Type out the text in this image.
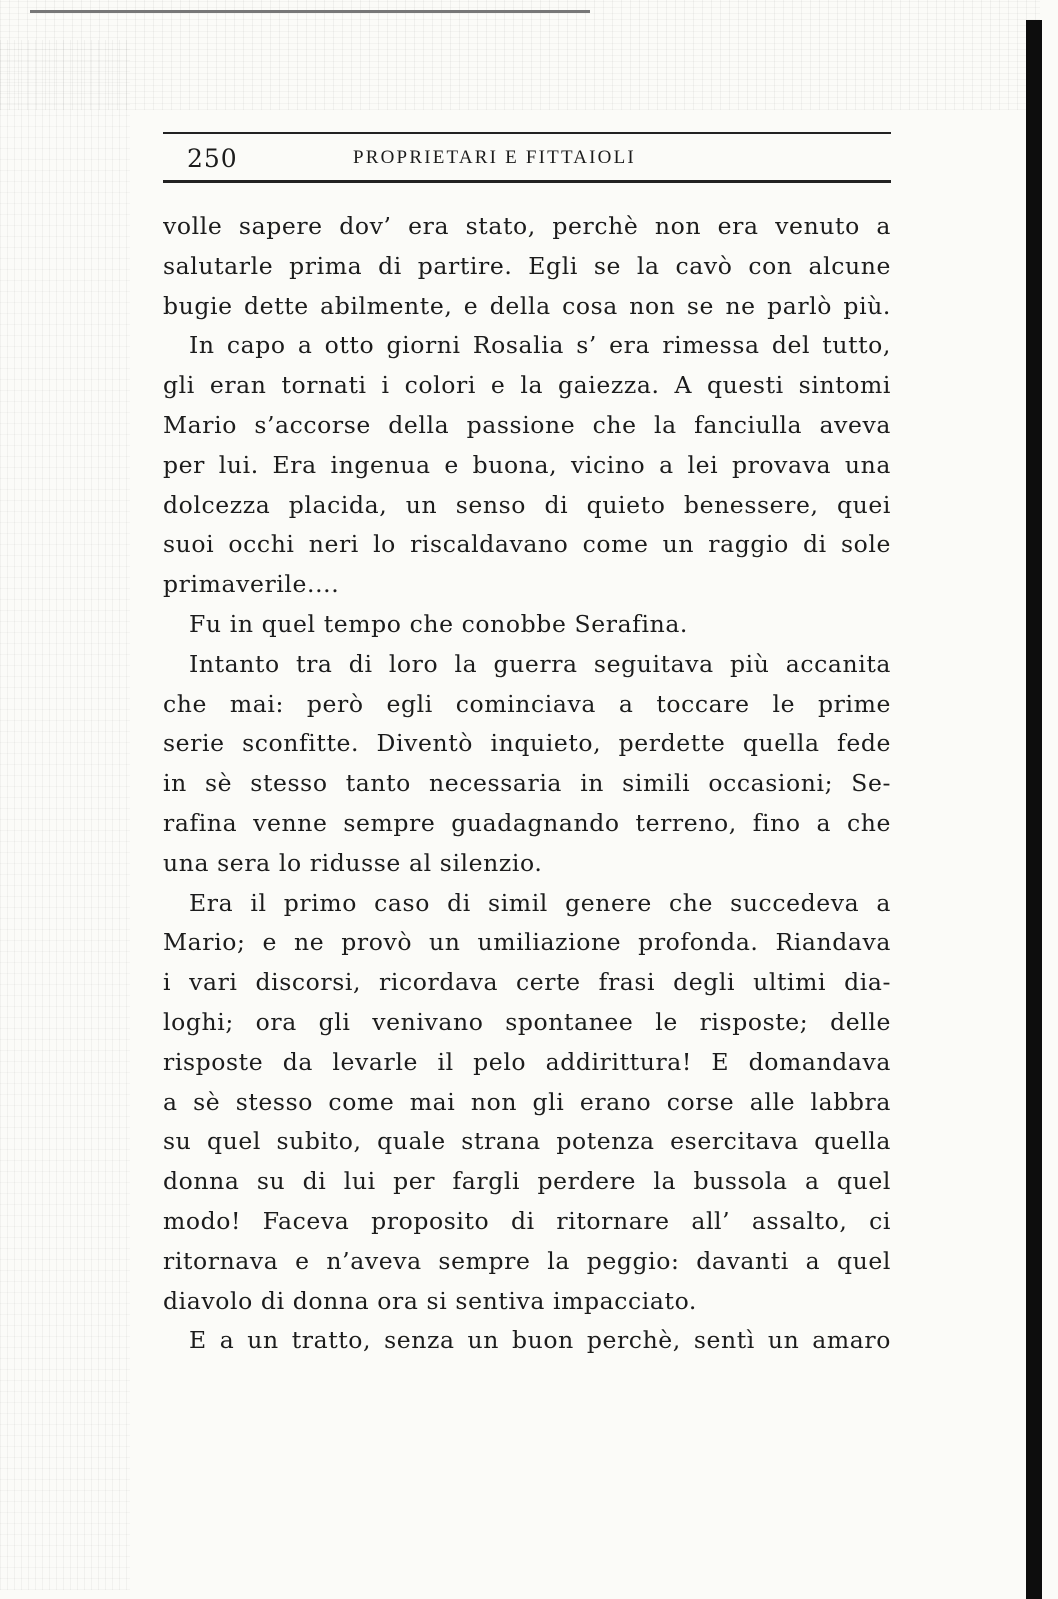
250	PROPRIETARI E FITTAIOLI
volle sapere dov’ era stato, perchè non era venuto a
salutarle prima di partire. Egli se la cavò con alcune
bugie dette abilmente, e della cosa non se ne parlò più.
In capo a otto giorni Rosalia s’ era rimessa del tutto,
gli eran tornati i colori e la gaiezza. A questi sintomi
Mario s’accorse della passione che la fanciulla aveva
per lui. Era ingenua e buona, vicino a lei provava una
dolcezza placida, un senso di quieto benessere, quei
suoi occhi neri lo riscaldavano come un raggio di sole
primaverile....
Fu in quel tempo che conobbe Serafina.
Intanto tra di loro la guerra seguitava più accanita
che mai: però egli cominciava a toccare le prime
serie sconfitte. Diventò inquieto, perdette quella fede
in sè stesso tanto necessaria in simili occasioni; Se-
rafina venne sempre guadagnando terreno, fino a che
una sera lo ridusse al silenzio.
Era il primo caso di simil genere che succedeva a
Mario; e ne provò un umiliazione profonda. Riandava
i vari discorsi, ricordava certe frasi degli ultimi dia-
loghi; ora gli venivano spontanee le risposte; delle
risposte da levarle il pelo addirittura! E domandava
a sè stesso come mai non gli erano corse alle labbra
su quel subito, quale strana potenza esercitava quella
donna su di lui per fargli perdere la bussola a quel
modo! Faceva proposito di ritornare all’ assalto, ci
ritornava e n’aveva sempre la peggio: davanti a quel
diavolo di donna ora si sentiva impacciato.
E a un tratto, senza un buon perchè, sentì un amaro
